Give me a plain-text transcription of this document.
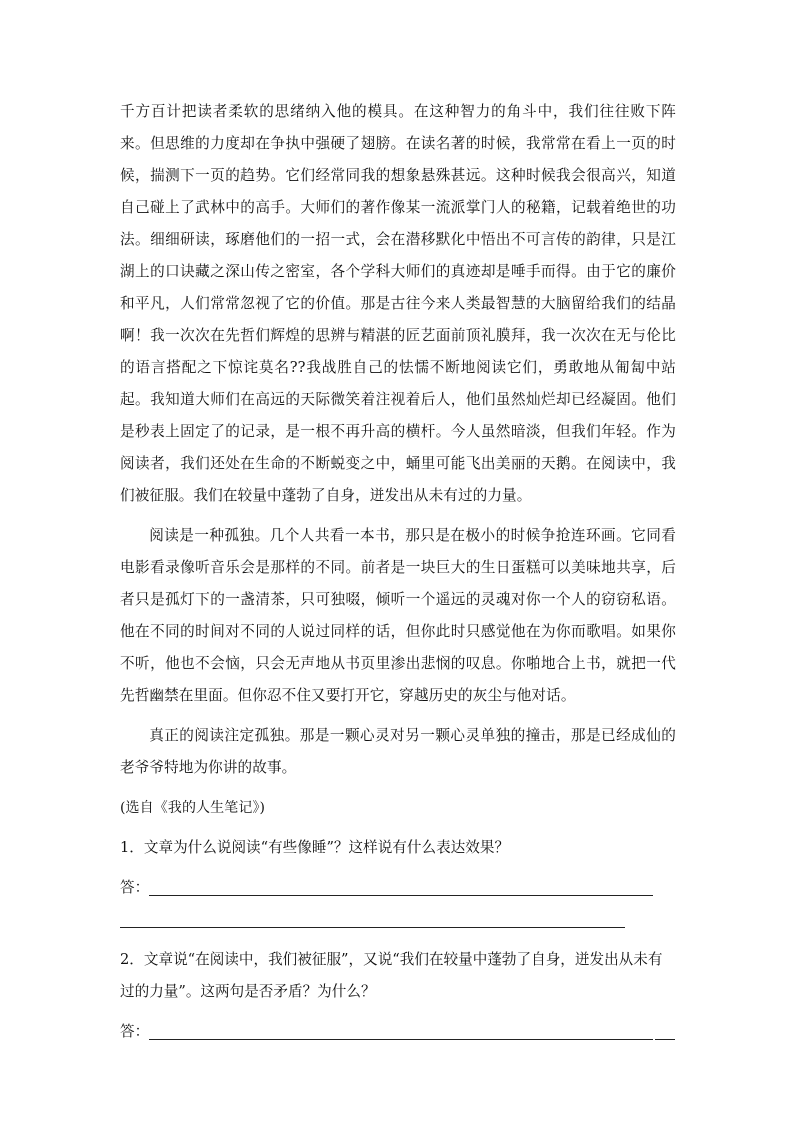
千方百计把读者柔软的思绪纳入他的模具。在这种智力的角斗中，我们往往败下阵来。但思维的力度却在争执中强硬了翅膀。在读名著的时候，我常常在看上一页的时候，揣测下一页的趋势。它们经常同我的想象悬殊甚远。这种时候我会很高兴，知道自己碰上了武林中的高手。大师们的著作像某一流派掌门人的秘籍，记载着绝世的功法。细细研读，琢磨他们的一招一式，会在潜移默化中悟出不可言传的韵律，只是江湖上的口诀藏之深山传之密室，各个学科大师们的真迹却是唾手而得。由于它的廉价和平凡，人们常常忽视了它的价值。那是古往今来人类最智慧的大脑留给我们的结晶啊！我一次次在先哲们辉煌的思辨与精湛的匠艺面前顶礼膜拜，我一次次在无与伦比的语言搭配之下惊诧莫名??我战胜自己的怯懦不断地阅读它们，勇敢地从匍匐中站起。我知道大师们在高远的天际微笑着注视着后人，他们虽然灿烂却已经凝固。他们是秒表上固定了的记录，是一根不再升高的横杆。今人虽然暗淡，但我们年轻。作为阅读者，我们还处在生命的不断蜕变之中，蛹里可能飞出美丽的天鹅。在阅读中，我们被征服。我们在较量中蓬勃了自身，迸发出从未有过的力量。

阅读是一种孤独。几个人共看一本书，那只是在极小的时候争抢连环画。它同看电影看录像听音乐会是那样的不同。前者是一块巨大的生日蛋糕可以美味地共享，后者只是孤灯下的一盏清茶，只可独啜，倾听一个遥远的灵魂对你一个人的窃窃私语。他在不同的时间对不同的人说过同样的话，但你此时只感觉他在为你而歌唱。如果你不听，他也不会恼，只会无声地从书页里渗出悲悯的叹息。你啪地合上书，就把一代先哲幽禁在里面。但你忍不住又要打开它，穿越历史的灰尘与他对话。

真正的阅读注定孤独。那是一颗心灵对另一颗心灵单独的撞击，那是已经成仙的老爷爷特地为你讲的故事。

(选自《我的人生笔记》)

1．文章为什么说阅读“有些像睡”？这样说有什么表达效果？

答：

2．文章说“在阅读中，我们被征服”，又说“我们在较量中蓬勃了自身，迸发出从未有过的力量”。这两句是否矛盾？为什么？

答：
